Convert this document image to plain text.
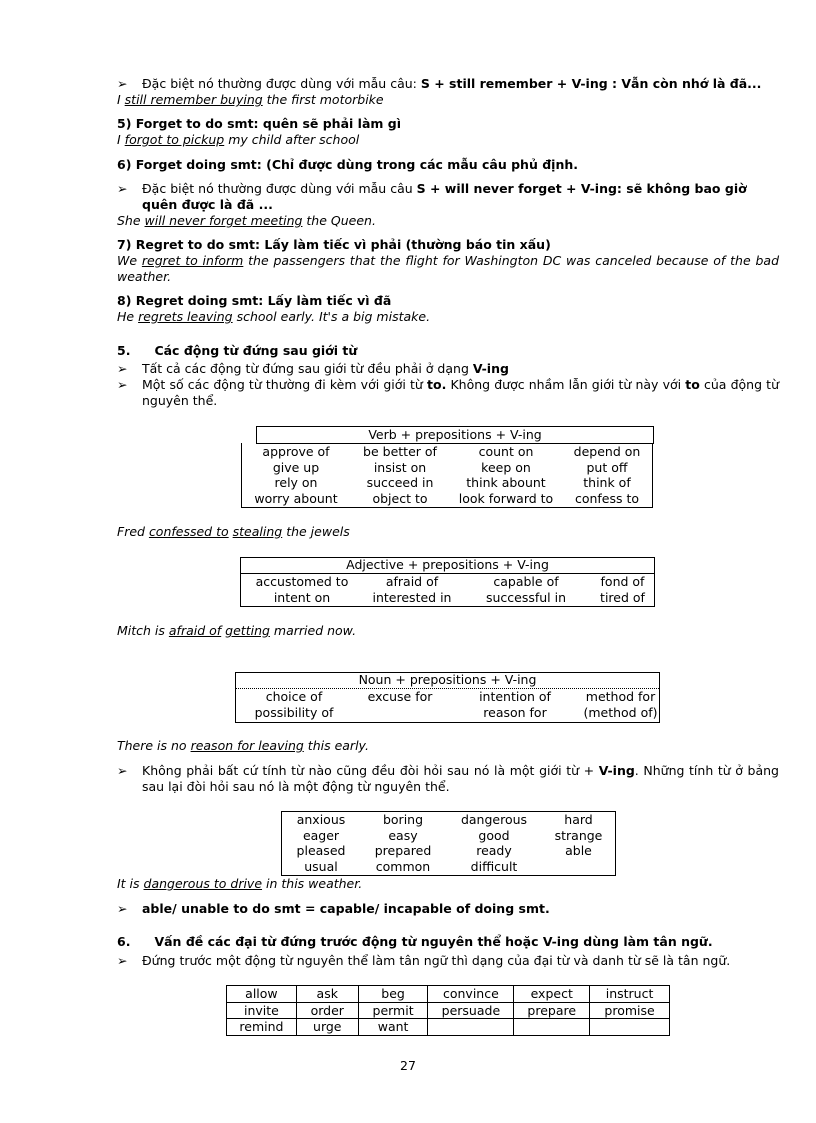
➢ Đặc biệt nó thường được dùng với mẫu câu: S + still remember + V-ing : Vẫn còn nhớ là đã...
I still remember buying the first motorbike
5) Forget to do smt: quên sẽ phải làm gì
I forgot to pickup my child after school
6) Forget doing smt: (Chỉ được dùng trong các mẫu câu phủ định.
➢ Đặc biệt nó thường được dùng với mẫu câu S + will never forget + V-ing: sẽ không bao giờ quên được là đã ...
She will never forget meeting the Queen.
7) Regret to do smt: Lấy làm tiếc vì phải (thường báo tin xấu)
We regret to inform the passengers that the flight for Washington DC was canceled because of the bad weather.
8) Regret doing smt: Lấy làm tiếc vì đã
He regrets leaving school early. It's a big mistake.
5. Các động từ đứng sau giới từ
➢ Tất cả các động từ đứng sau giới từ đều phải ở dạng V-ing
➢ Một số các động từ thường đi kèm với giới từ to. Không được nhầm lẫn giới từ này với to của động từ nguyên thể.
Verb + prepositions + V-ing
approve of	be better of	count on	depend on
give up	insist on	keep on	put off
rely on	succeed in	think abount	think of
worry abount	object to	look forward to	confess to
Fred confessed to stealing the jewels
Adjective + prepositions + V-ing
accustomed to	afraid of	capable of	fond of
intent on	interested in	successful in	tired of
Mitch is afraid of getting married now.
Noun + prepositions + V-ing
choice of	excuse for	intention of	method for
possibility of		reason for	(method of)
There is no reason for leaving this early.
➢ Không phải bất cứ tính từ nào cũng đều đòi hỏi sau nó là một giới từ + V-ing. Những tính từ ở bảng sau lại đòi hỏi sau nó là một động từ nguyên thể.
anxious	boring	dangerous	hard
eager	easy	good	strange
pleased	prepared	ready	able
usual	common	difficult	
It is dangerous to drive in this weather.
➢ able/ unable to do smt = capable/ incapable of doing smt.
6. Vấn đề các đại từ đứng trước động từ nguyên thể hoặc V-ing dùng làm tân ngữ.
➢ Đứng trước một động từ nguyên thể làm tân ngữ thì dạng của đại từ và danh từ sẽ là tân ngữ.
allow	ask	beg	convince	expect	instruct
invite	order	permit	persuade	prepare	promise
remind	urge	want			
27
